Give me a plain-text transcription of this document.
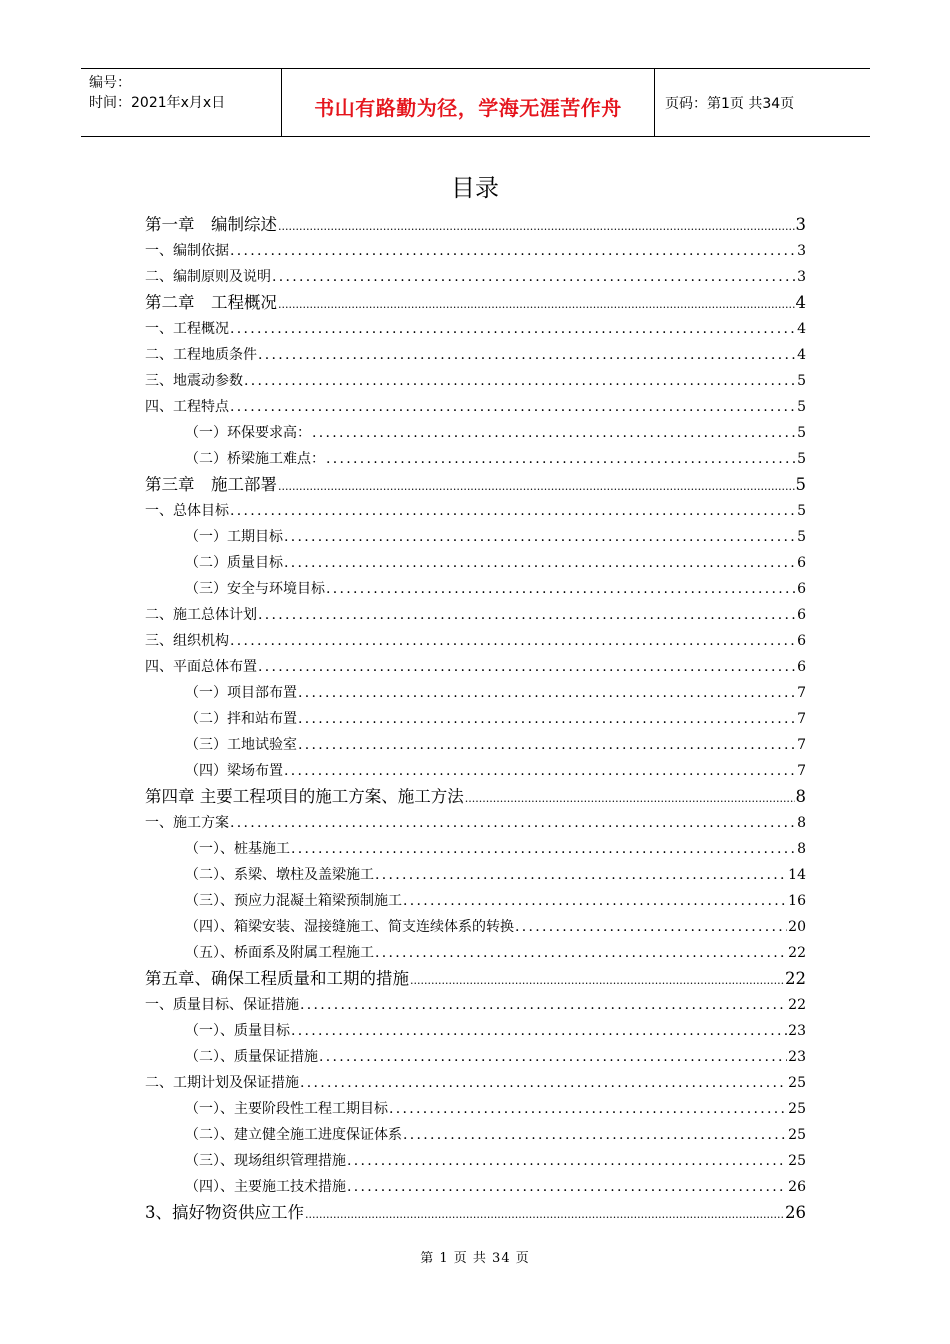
编号：
时间：2021年x月x日	书山有路勤为径，学海无涯苦作舟	页码：第1页 共34页
目录
第一章　编制综述 .....	3
一、编制依据 .....	3
二、编制原则及说明 .....	3
第二章　工程概况 .....	4
一、工程概况 .....	4
二、工程地质条件 .....	4
三、地震动参数 .....	5
四、工程特点 .....	5
（一）环保要求高： .....	5
（二）桥梁施工难点： .....	5
第三章　施工部署 .....	5
一、总体目标 .....	5
（一）工期目标 .....	5
（二）质量目标 .....	6
（三）安全与环境目标 .....	6
二、施工总体计划 .....	6
三、组织机构 .....	6
四、平面总体布置 .....	6
（一）项目部布置 .....	7
（二）拌和站布置 .....	7
（三）工地试验室 .....	7
（四）梁场布置 .....	7
第四章 主要工程项目的施工方案、施工方法 .....	8
一、施工方案 .....	8
（一）、桩基施工 .....	8
（二）、系梁、墩柱及盖梁施工 .....	14
（三）、预应力混凝土箱梁预制施工 .....	16
（四）、箱梁安装、湿接缝施工、简支连续体系的转换 .....	20
（五）、桥面系及附属工程施工 .....	22
第五章、确保工程质量和工期的措施 .....	22
一、质量目标、保证措施 .....	22
（一）、质量目标 .....	23
（二）、质量保证措施 .....	23
二、工期计划及保证措施 .....	25
（一）、主要阶段性工程工期目标 .....	25
（二）、建立健全施工进度保证体系 .....	25
（三）、现场组织管理措施 .....	25
（四）、主要施工技术措施 .....	26
3、搞好物资供应工作 .....	26
第 1 页 共 34 页
